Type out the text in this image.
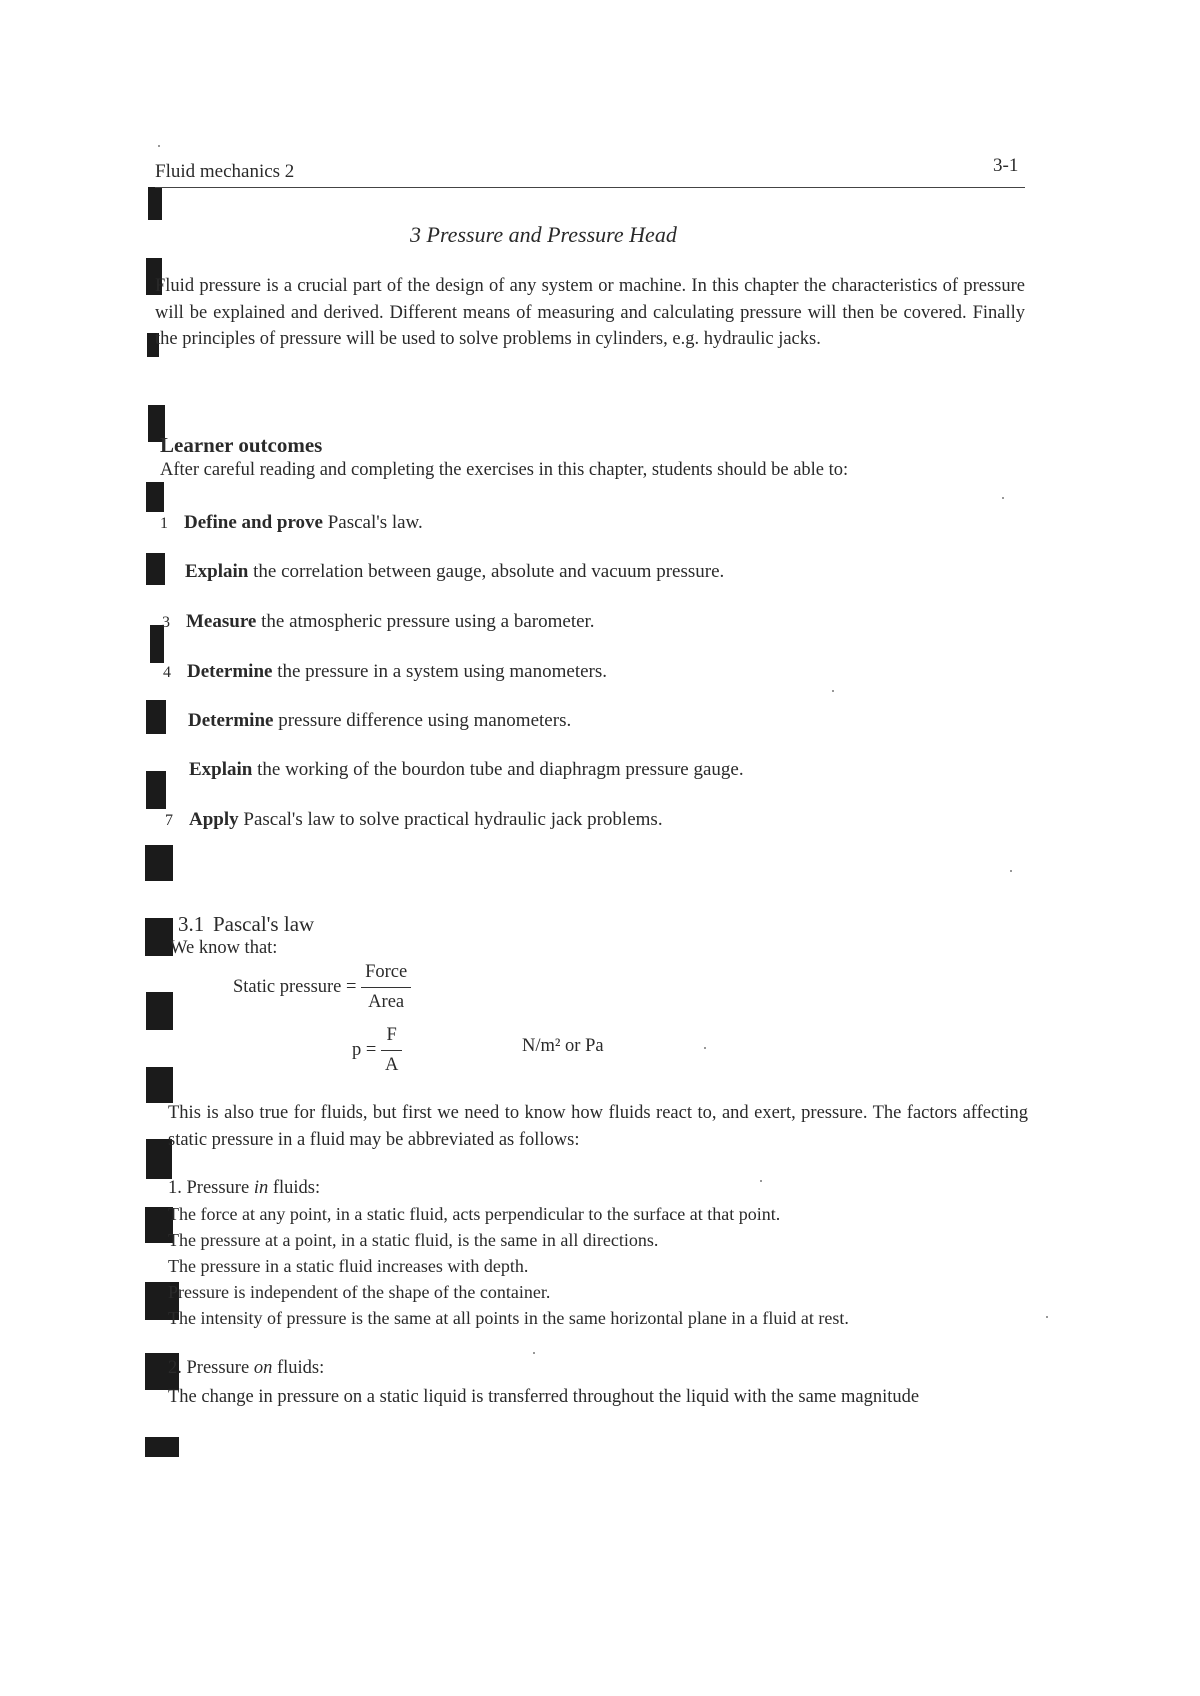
Fluid mechanics 2	3-1
3 Pressure and Pressure Head
Fluid pressure is a crucial part of the design of any system or machine. In this chapter the characteristics of pressure will be explained and derived. Different means of measuring and calculating pressure will then be covered. Finally the principles of pressure will be used to solve problems in cylinders, e.g. hydraulic jacks.
Learner outcomes
After careful reading and completing the exercises in this chapter, students should be able to:
1 Define and prove Pascal's law.
Explain the correlation between gauge, absolute and vacuum pressure.
3 Measure the atmospheric pressure using a barometer.
4 Determine the pressure in a system using manometers.
Determine pressure difference using manometers.
Explain the working of the bourdon tube and diaphragm pressure gauge.
7 Apply Pascal's law to solve practical hydraulic jack problems.
3.1 Pascal's law
We know that:
Static pressure = $\frac{\text{Force}}{\text{Area}}$
$p = \frac{F}{A}$	N/m² or Pa
This is also true for fluids, but first we need to know how fluids react to, and exert, pressure. The factors affecting static pressure in a fluid may be abbreviated as follows:
1. Pressure in fluids:
The force at any point, in a static fluid, acts perpendicular to the surface at that point.
The pressure at a point, in a static fluid, is the same in all directions.
The pressure in a static fluid increases with depth.
Pressure is independent of the shape of the container.
The intensity of pressure is the same at all points in the same horizontal plane in a fluid at rest.
2. Pressure on fluids:
The change in pressure on a static liquid is transferred throughout the liquid with the same magnitude
